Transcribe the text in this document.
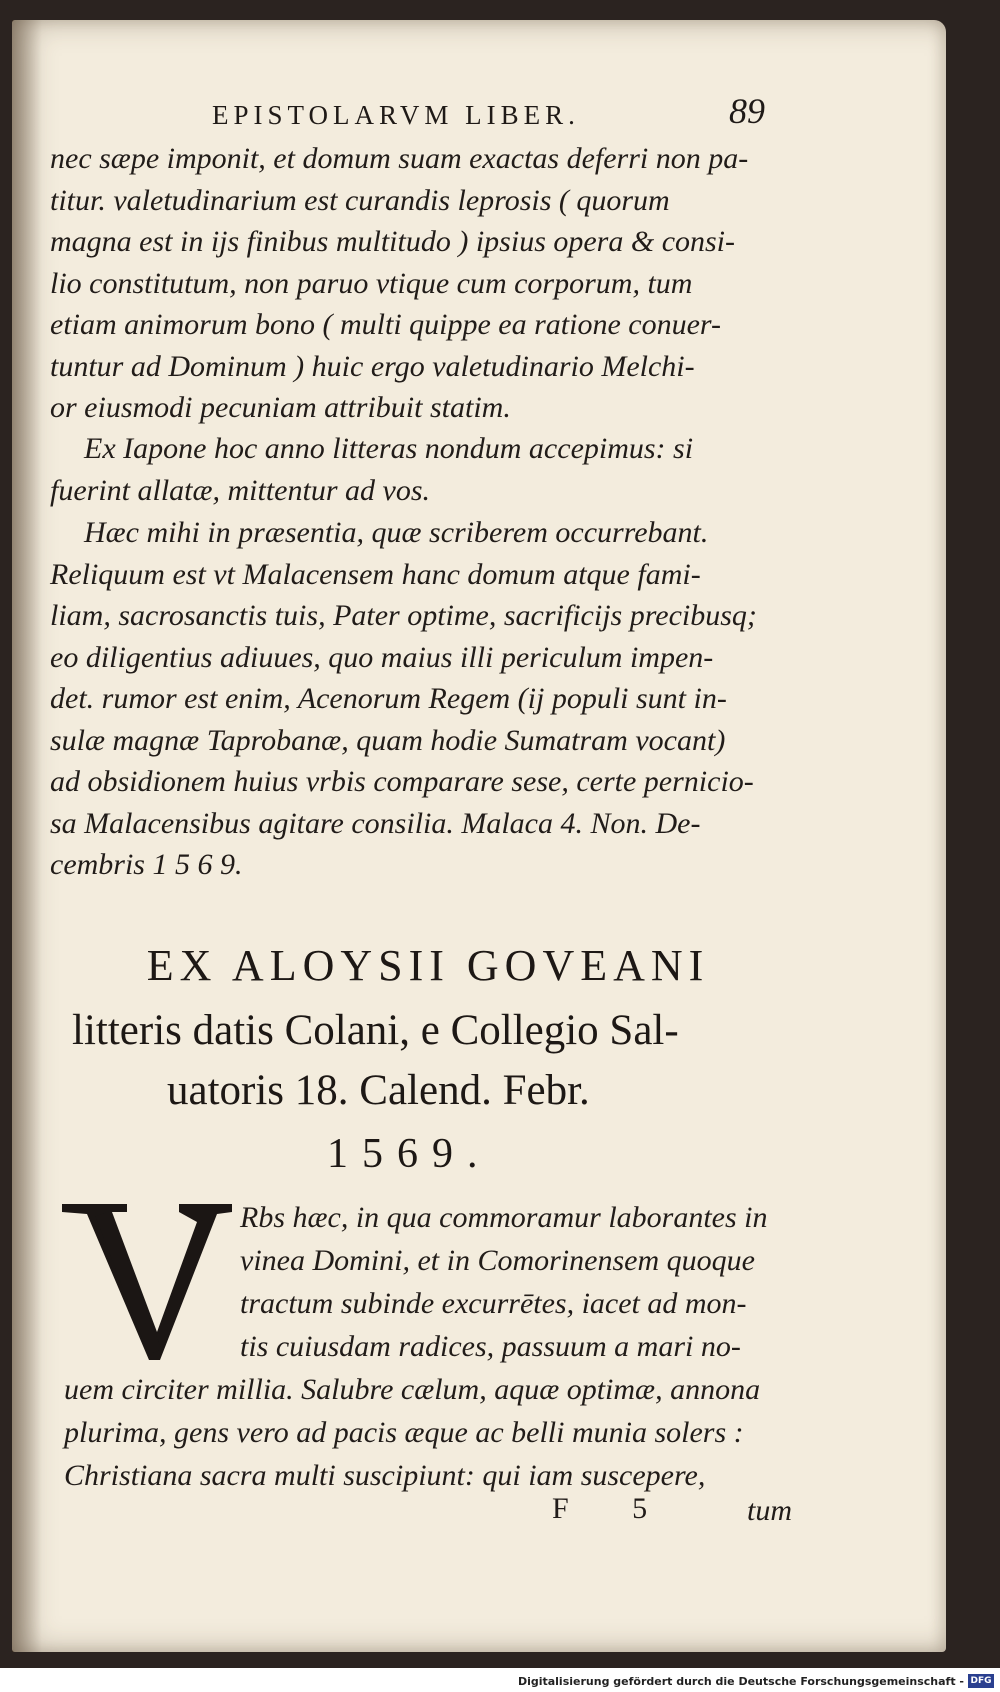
EPISTOLARVM LIBER.	89
nec sæpe imponit, et domum suam exactas deferri non pa-
titur. valetudinarium est curandis leprosis ( quorum
magna est in ijs finibus multitudo ) ipsius opera & consi-
lio constitutum, non paruo vtique cum corporum, tum
etiam animorum bono ( multi quippe ea ratione conuer-
tuntur ad Dominum ) huic ergo valetudinario Melchi-
or eiusmodi pecuniam attribuit statim.
Ex Iapone hoc anno litteras nondum accepimus: si
fuerint allatæ, mittentur ad vos.
Hæc mihi in præsentia, quæ scriberem occurrebant.
Reliquum est vt Malacensem hanc domum atque fami-
liam, sacrosanctis tuis, Pater optime, sacrificijs precibusq;
eo diligentius adiuues, quo maius illi periculum impen-
det. rumor est enim, Acenorum Regem (ij populi sunt in-
sulæ magnæ Taprobanæ, quam hodie Sumatram vocant)
ad obsidionem huius vrbis comparare sese, certe pernicio-
sa Malacensibus agitare consilia. Malaca 4. Non. De-
cembris 1 5 6 9.
EX ALOYSII GOVEANI
litteris datis Colani, e Collegio Sal-
uatoris 18. Calend. Febr.
1569.
Rbs hæc, in qua commoramur laborantes in
vinea Domini, et in Comorinensem quoque
tractum subinde excurrētes, iacet ad mon-
tis cuiusdam radices, passuum a mari no-
uem circiter millia. Salubre cælum, aquæ optimæ, annona
plurima, gens vero ad pacis æque ac belli munia solers :
Christiana sacra multi suscipiunt: qui iam suscepere,
F 5 tum
Digitalisierung gefördert durch die Deutsche Forschungsgemeinschaft - DFG
